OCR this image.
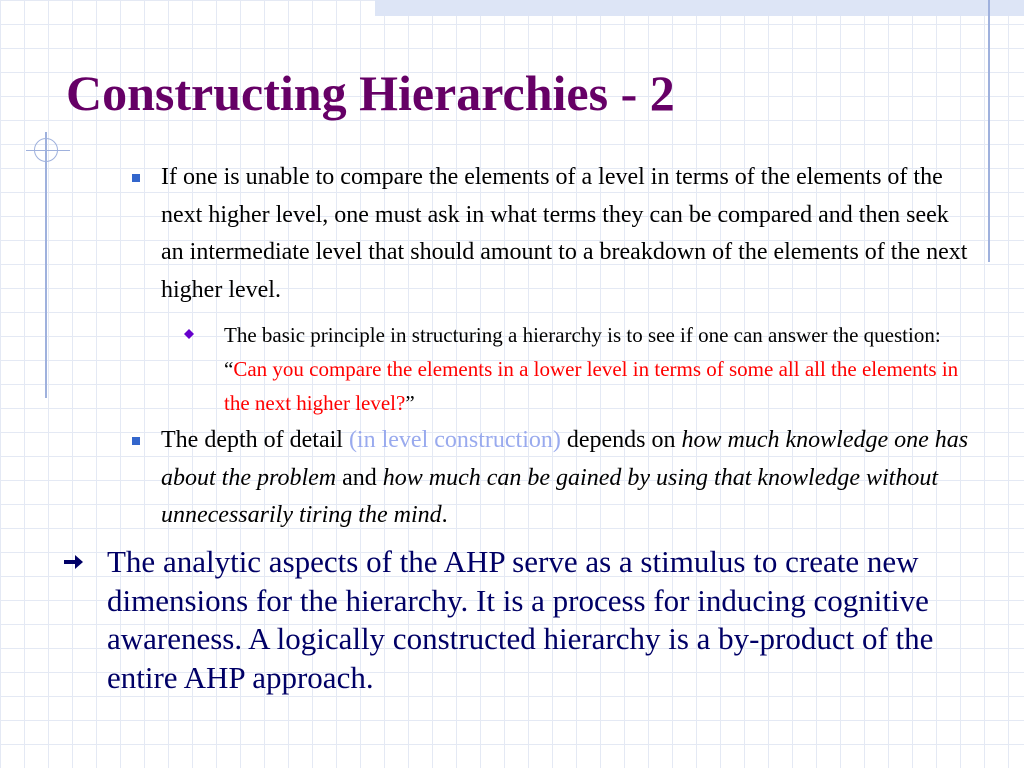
Constructing Hierarchies - 2
If one is unable to compare the elements of a level in terms of the elements of the next higher level, one must ask in what terms they can be compared and then seek an intermediate level that should amount to a breakdown of the elements of the next higher level.
The basic principle in structuring a hierarchy is to see if one can answer the question: “Can you compare the elements in a lower level in terms of some all all the elements in the next higher level?”
The depth of detail (in level construction) depends on how much knowledge one has about the problem and how much can be gained by using that knowledge without unnecessarily tiring the mind.
The analytic aspects of the AHP serve as a stimulus to create new dimensions for the hierarchy. It is a process for inducing cognitive awareness. A logically constructed hierarchy is a by-product of the entire AHP approach.
